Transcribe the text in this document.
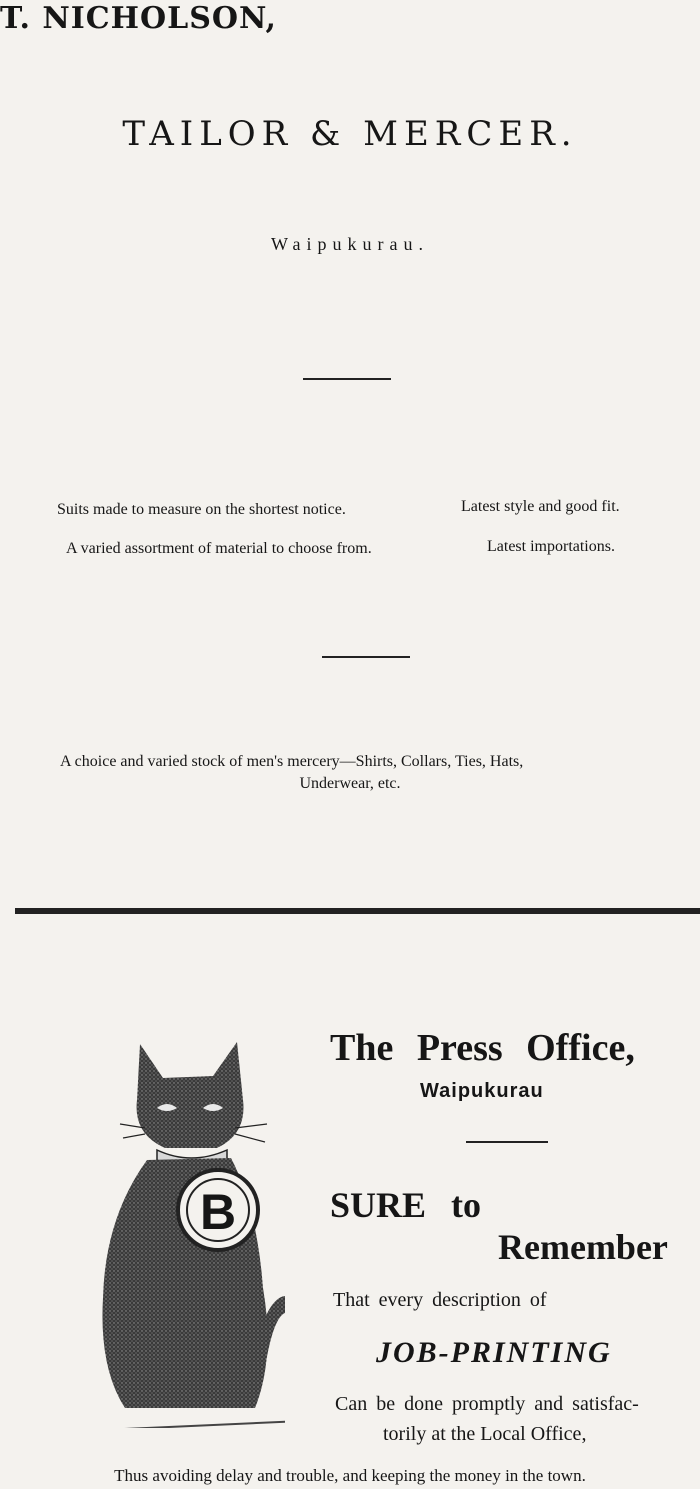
T. NICHOLSON,
TAILOR & MERCER.
Waipukurau.
Suits made to measure on the shortest notice.	Latest style and good fit.
A varied assortment of material to choose from.	Latest importations.
A choice and varied stock of men's mercery—Shirts, Collars, Ties, Hats,
Underwear, etc.
B
The Press Office,
Waipukurau
SURE to
Remember
That every description of
JOB-PRINTING
Can be done promptly and satisfac-
torily at the Local Office,
Thus avoiding delay and trouble, and keeping the money in the town.
